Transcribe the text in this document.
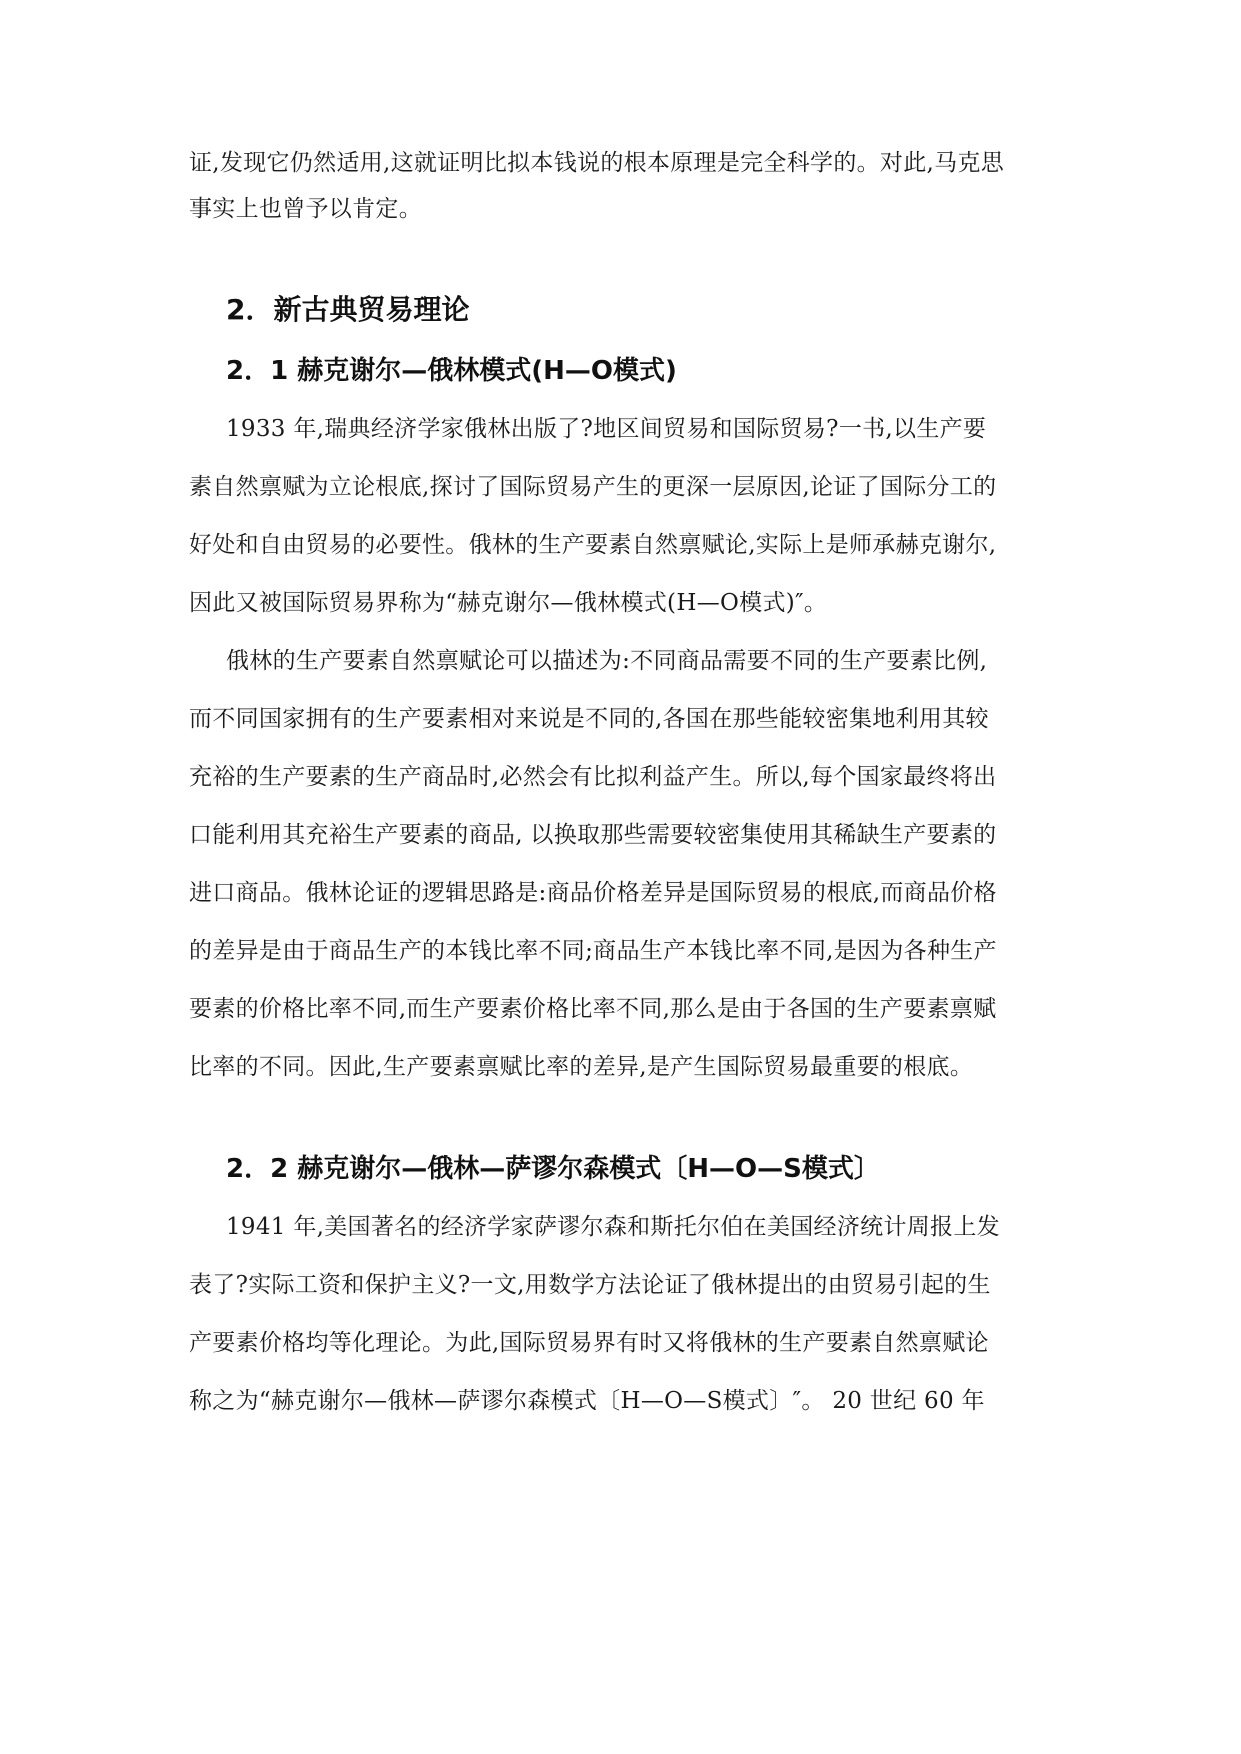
证,发现它仍然适用,这就证明比拟本钱说的根本原理是完全科学的。对此,马克思
事实上也曾予以肯定。
2．新古典贸易理论
2．1 赫克谢尔—俄林模式(H—O模式)
1933 年,瑞典经济学家俄林出版了?地区间贸易和国际贸易?一书,以生产要
素自然禀赋为立论根底,探讨了国际贸易产生的更深一层原因,论证了国际分工的
好处和自由贸易的必要性。俄林的生产要素自然禀赋论,实际上是师承赫克谢尔,
因此又被国际贸易界称为“赫克谢尔—俄林模式(H—O模式)″。
俄林的生产要素自然禀赋论可以描述为:不同商品需要不同的生产要素比例,
而不同国家拥有的生产要素相对来说是不同的,各国在那些能较密集地利用其较
充裕的生产要素的生产商品时,必然会有比拟利益产生。所以,每个国家最终将出
口能利用其充裕生产要素的商品, 以换取那些需要较密集使用其稀缺生产要素的
进口商品。俄林论证的逻辑思路是:商品价格差异是国际贸易的根底,而商品价格
的差异是由于商品生产的本钱比率不同;商品生产本钱比率不同,是因为各种生产
要素的价格比率不同,而生产要素价格比率不同,那么是由于各国的生产要素禀赋
比率的不同。因此,生产要素禀赋比率的差异,是产生国际贸易最重要的根底。
2．2 赫克谢尔—俄林—萨谬尔森模式〔H—O—S模式〕
1941 年,美国著名的经济学家萨谬尔森和斯托尔伯在美国经济统计周报上发
表了?实际工资和保护主义?一文,用数学方法论证了俄林提出的由贸易引起的生
产要素价格均等化理论。为此,国际贸易界有时又将俄林的生产要素自然禀赋论
称之为“赫克谢尔—俄林—萨谬尔森模式〔H—O—S模式〕″。 20 世纪 60 年
